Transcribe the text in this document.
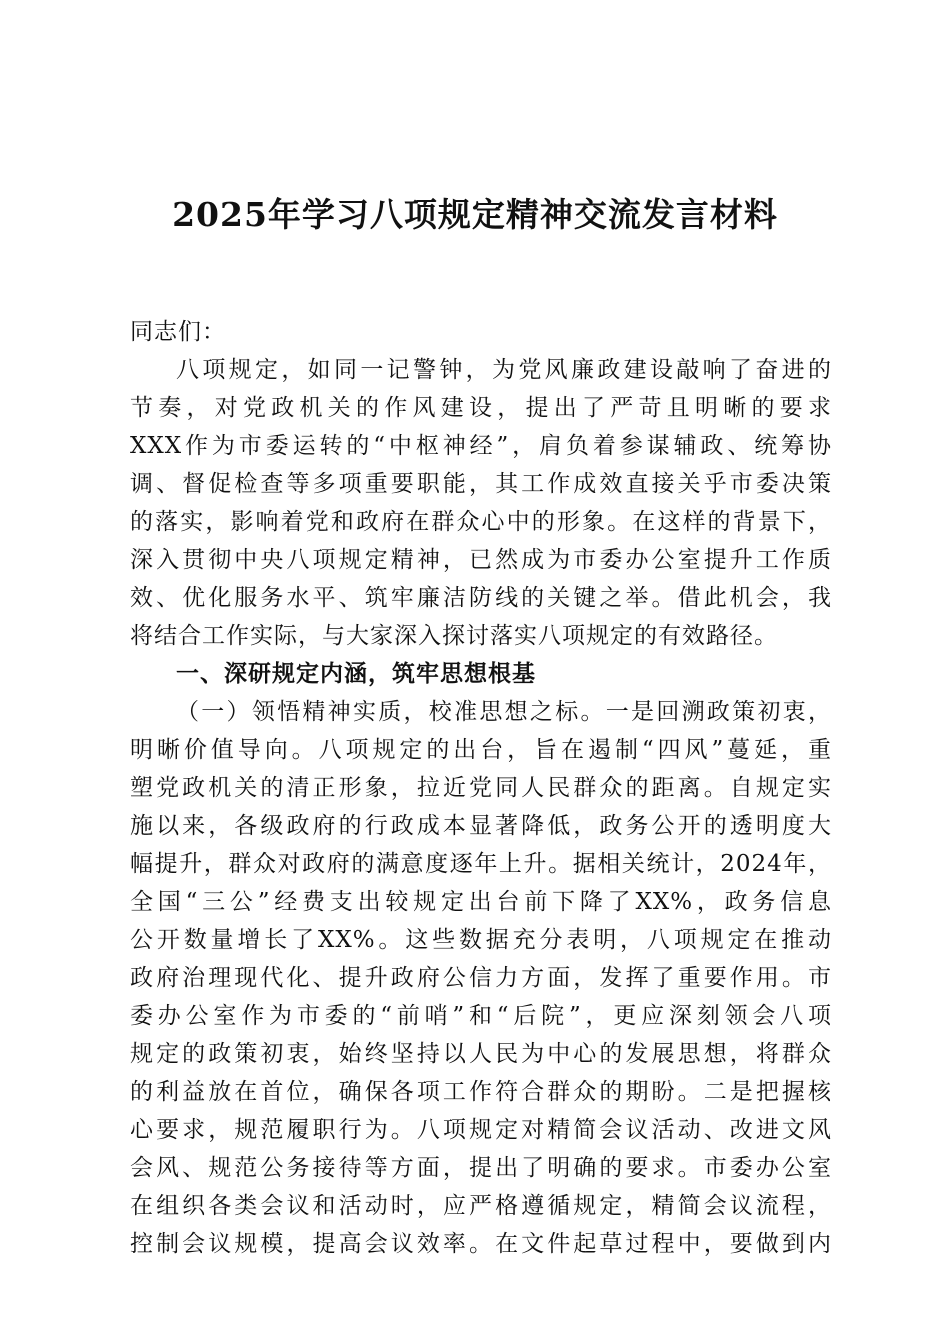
2025年学习八项规定精神交流发言材料

同志们：

八项规定，如同一记警钟，为党风廉政建设敲响了奋进的

节奏，对党政机关的作风建设，提出了严苛且明晰的要求

XXX作为市委运转的“中枢神经”，肩负着参谋辅政、统筹协

调、督促检查等多项重要职能，其工作成效直接关乎市委决策

的落实，影响着党和政府在群众心中的形象。在这样的背景下，

深入贯彻中央八项规定精神，已然成为市委办公室提升工作质

效、优化服务水平、筑牢廉洁防线的关键之举。借此机会，我

将结合工作实际，与大家深入探讨落实八项规定的有效路径。

一、深研规定内涵，筑牢思想根基

（一）领悟精神实质，校准思想之标。一是回溯政策初衷，

明晰价值导向。八项规定的出台，旨在遏制“四风”蔓延，重

塑党政机关的清正形象，拉近党同人民群众的距离。自规定实

施以来，各级政府的行政成本显著降低，政务公开的透明度大

幅提升，群众对政府的满意度逐年上升。据相关统计，2024年，

全国“三公”经费支出较规定出台前下降了XX%，政务信息

公开数量增长了XX%。这些数据充分表明，八项规定在推动

政府治理现代化、提升政府公信力方面，发挥了重要作用。市

委办公室作为市委的“前哨”和“后院”，更应深刻领会八项

规定的政策初衷，始终坚持以人民为中心的发展思想，将群众

的利益放在首位，确保各项工作符合群众的期盼。二是把握核

心要求，规范履职行为。八项规定对精简会议活动、改进文风

会风、规范公务接待等方面，提出了明确的要求。市委办公室

在组织各类会议和活动时，应严格遵循规定，精简会议流程，

控制会议规模，提高会议效率。在文件起草过程中，要做到内
